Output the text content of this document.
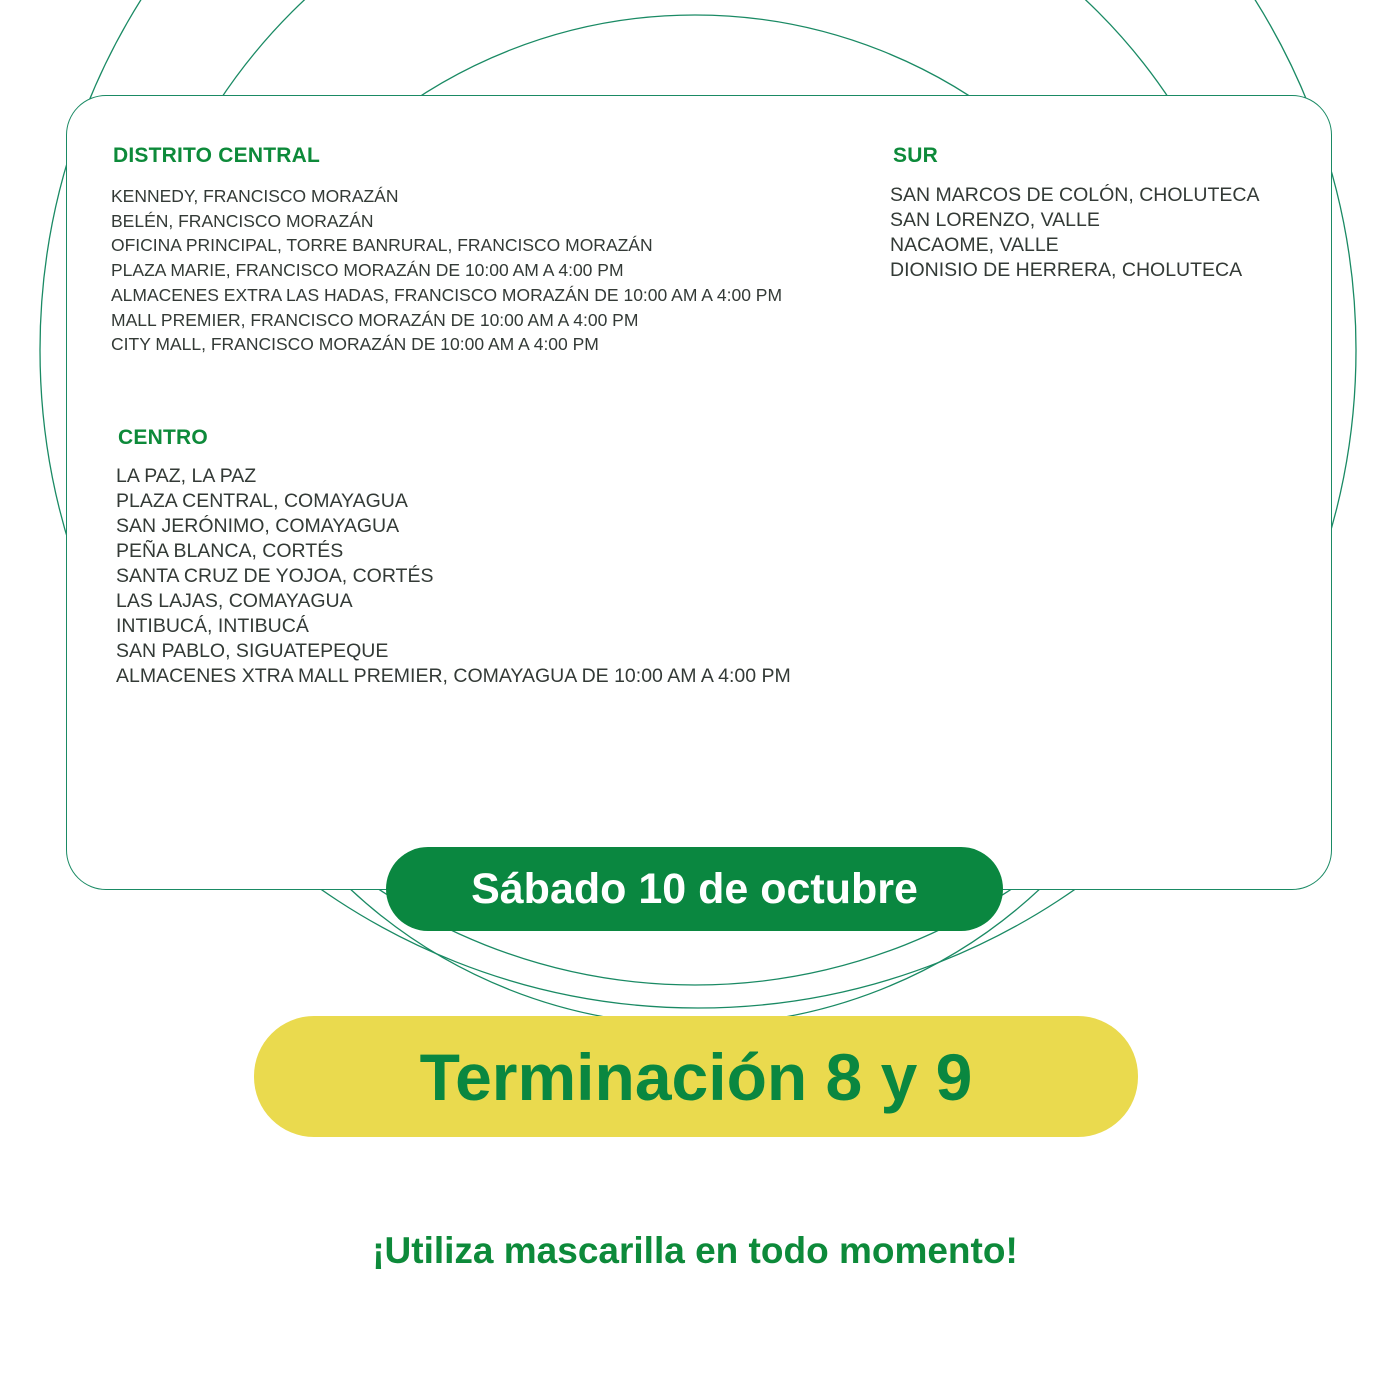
DISTRITO CENTRAL
KENNEDY, FRANCISCO MORAZÁN
BELÉN, FRANCISCO MORAZÁN
OFICINA PRINCIPAL, TORRE BANRURAL, FRANCISCO MORAZÁN
PLAZA MARIE, FRANCISCO MORAZÁN DE 10:00 AM A 4:00 PM
ALMACENES EXTRA LAS HADAS, FRANCISCO MORAZÁN DE 10:00 AM A 4:00 PM
MALL PREMIER, FRANCISCO MORAZÁN DE 10:00 AM A 4:00 PM
CITY MALL, FRANCISCO MORAZÁN DE 10:00 AM A 4:00 PM
SUR
SAN MARCOS DE COLÓN, CHOLUTECA
SAN LORENZO, VALLE
NACAOME, VALLE
DIONISIO DE HERRERA, CHOLUTECA
CENTRO
LA PAZ, LA PAZ
PLAZA CENTRAL, COMAYAGUA
SAN JERÓNIMO, COMAYAGUA
PEÑA BLANCA, CORTÉS
SANTA CRUZ DE YOJOA, CORTÉS
LAS LAJAS, COMAYAGUA
INTIBUCÁ, INTIBUCÁ
SAN PABLO, SIGUATEPEQUE
ALMACENES XTRA MALL PREMIER, COMAYAGUA DE 10:00 AM A 4:00 PM
Sábado 10 de octubre
Terminación 8 y 9
¡Utiliza mascarilla en todo momento!
